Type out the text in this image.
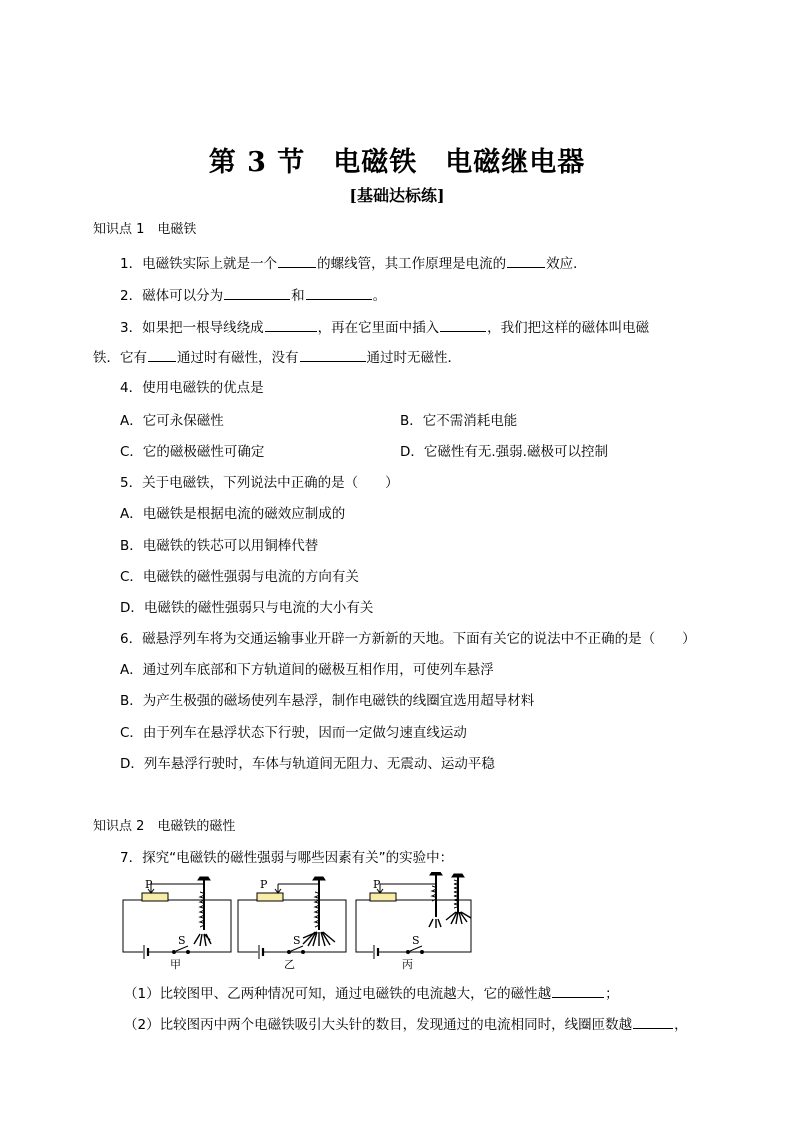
第 3 节　电磁铁　电磁继电器
[基础达标练]
知识点 1　电磁铁
1．电磁铁实际上就是一个	的螺线管，其工作原理是电流的	效应．
2．磁体可以分为	和	。
3．如果把一根导线绕成	，再在它里面中插入	，我们把这样的磁体叫电磁
铁．它有 通过时有磁性，没有	通过时无磁性．
4．使用电磁铁的优点是
A．它可永保磁性	B．它不需消耗电能
C．它的磁极磁性可确定	D．它磁性有无.强弱.磁极可以控制
5．关于电磁铁，下列说法中正确的是（　　）
A．电磁铁是根据电流的磁效应制成的
B．电磁铁的铁芯可以用铜棒代替
C．电磁铁的磁性强弱与电流的方向有关
D．电磁铁的磁性强弱只与电流的大小有关
6．磁悬浮列车将为交通运输事业开辟一方新新的天地。下面有关它的说法中不正确的是（　　）
A．通过列车底部和下方轨道间的磁极互相作用，可使列车悬浮
B．为产生极强的磁场使列车悬浮，制作电磁铁的线圈宜选用超导材料
C．由于列车在悬浮状态下行驶，因而一定做匀速直线运动
D．列车悬浮行驶时，车体与轨道间无阻力、无震动、运动平稳
知识点 2　电磁铁的磁性
7．探究“电磁铁的磁性强弱与哪些因素有关”的实验中：
P	P	P
S	S	S
甲	乙	丙
（1）比较图甲、乙两种情况可知，通过电磁铁的电流越大，它的磁性越	；
（2）比较图丙中两个电磁铁吸引大头针的数目，发现通过的电流相同时，线圈匝数越	，
